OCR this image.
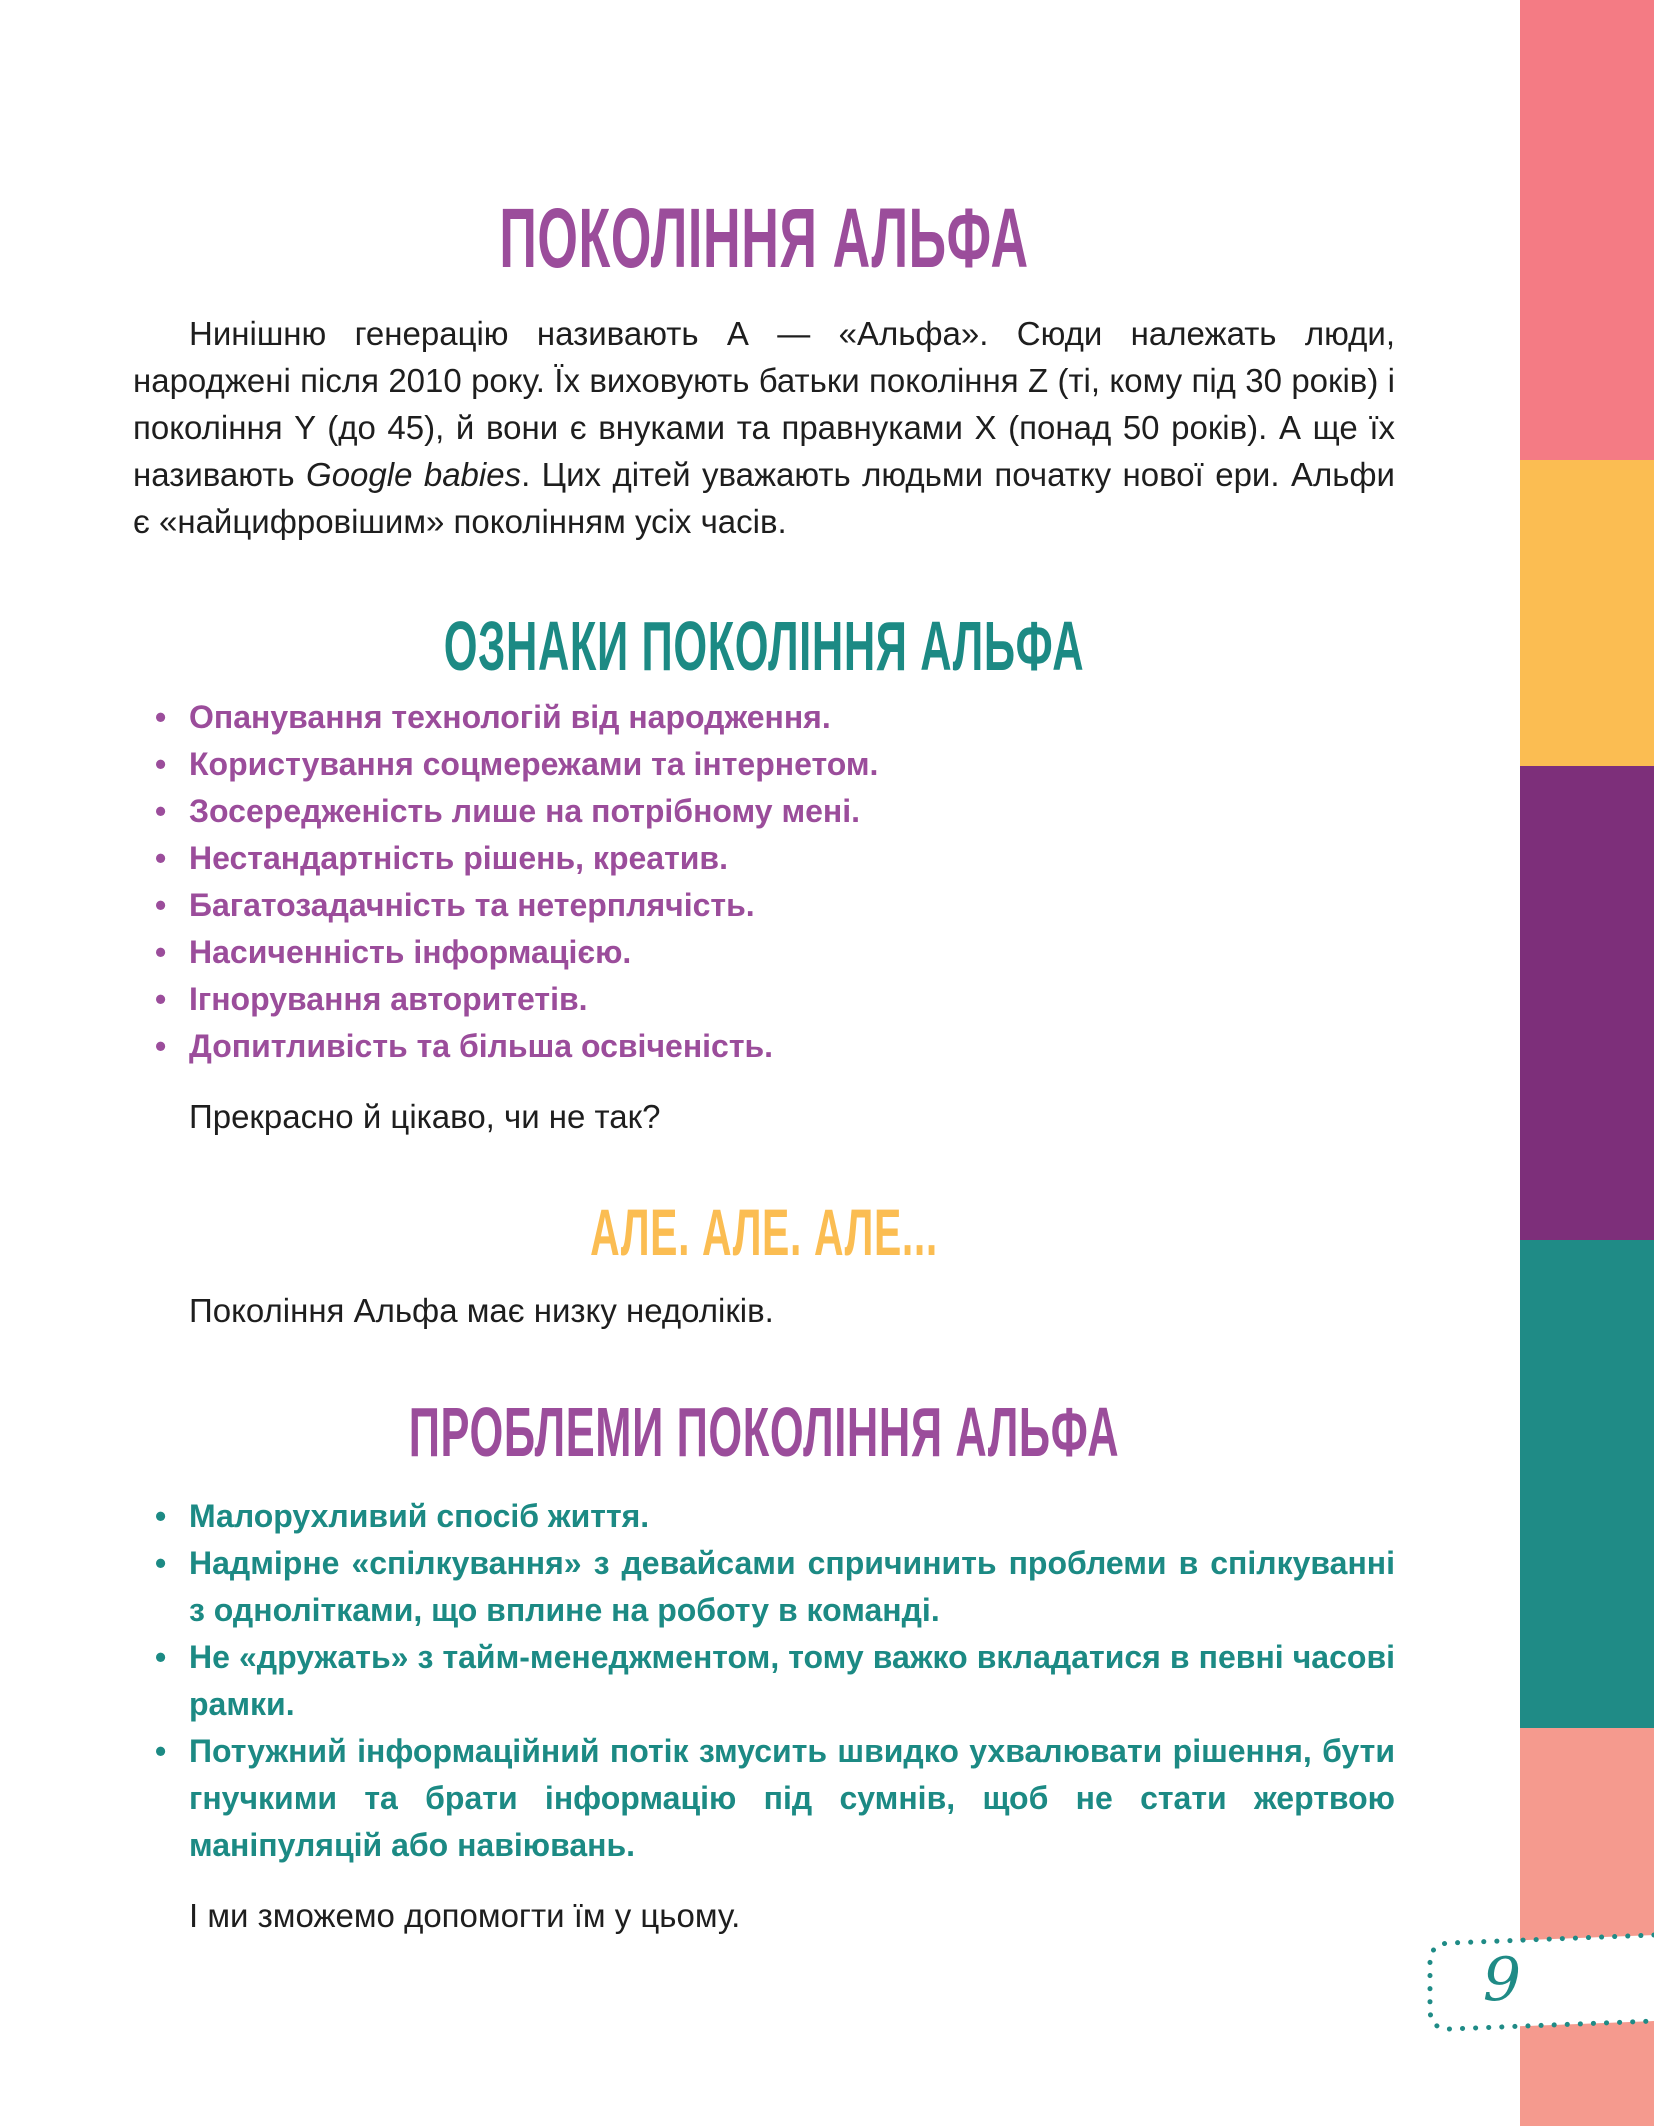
ПОКОЛІННЯ АЛЬФА

Нинішню генерацію називають А — «Альфа». Сюди належать люди, народжені після 2010 року. Їх виховують батьки покоління Z (ті, кому під 30 років) і покоління Y (до 45), й вони є внуками та правнуками X (понад 50 років). А ще їх називають Google babies. Цих дітей уважають людьми початку нової ери. Альфи є «найцифровішим» поколінням усіх часів.

ОЗНАКИ ПОКОЛІННЯ АЛЬФА
• Опанування технологій від народження.
• Користування соцмережами та інтернетом.
• Зосередженість лише на потрібному мені.
• Нестандартність рішень, креатив.
• Багатозадачність та нетерплячість.
• Насиченність інформацією.
• Ігнорування авторитетів.
• Допитливість та більша освіченість.

Прекрасно й цікаво, чи не так?

АЛЕ. АЛЕ. АЛЕ...

Покоління Альфа має низку недоліків.

ПРОБЛЕМИ ПОКОЛІННЯ АЛЬФА
• Малорухливий спосіб життя.
• Надмірне «спілкування» з девайсами спричинить проблеми в спілкуванні з однолітками, що вплине на роботу в команді.
• Не «дружать» з тайм-менеджментом, тому важко вкладатися в певні часові рамки.
• Потужний інформаційний потік змусить швидко ухвалювати рішення, бути гнучкими та брати інформацію під сумнів, щоб не стати жертвою маніпуляцій або навіювань.

І ми зможемо допомогти їм у цьому.

9
